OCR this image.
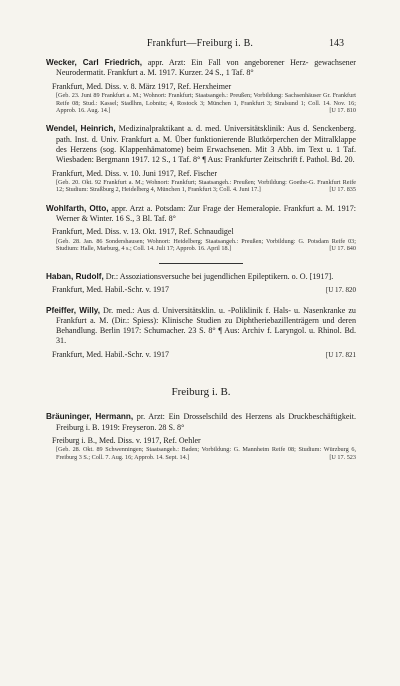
Frankfurt—Freiburg i. B.	143
Wecker, Carl Friedrich, appr. Arzt: Ein Fall von angeborener Herz- gewachsener Neurodermatit. Frankfurt a. M. 1917. Kurzer. 24 S., 1 Taf. 8°
Frankfurt, Med. Diss. v. 8. März 1917, Ref. Herxheimer
[Geb. 23. Juni 89 Frankfurt a. M.; Wohnort: Frankfurt; Staatsangeh.: Preußen; Vorbildung: Sachsenhäuser Gr. Frankfurt Reife 08; Stud.: Kassel; Stadlhm, Lobnitz; 4, Rostock 3; München 1, Frankfurt 3; Stralsund 1; Coll. 14. Nov. 16; Approb. 16. Aug. 14.]	[U 17. 810
Wendel, Heinrich, Medizinalpraktikant a. d. med. Universitätsklinik: Aus d. Senckenberg. path. Inst. d. Univ. Frankfurt a. M. Über funktionierende Blutkörperchen der Mitralklappe des Herzens (sog. Klappenhämatome) beim Erwachsenen. Mit 3 Abb. im Text u. 1 Taf. Wiesbaden: Bergmann 1917. 12 S., 1 Taf. 8° ¶ Aus: Frankfurter Zeitschrift f. Pathol. Bd. 20.
Frankfurt, Med. Diss. v. 10. Juni 1917, Ref. Fischer
[Geb. 20. Okt. 92 Frankfurt a. M.; Wohnort: Frankfurt; Staatsangeh.: Preußen; Vorbildung: Goethe-G. Frankfurt Reife 12; Studium: Straßburg 2, Heidelberg 4, München 1, Frankfurt 3; Coll. 4. Juni 17.]	[U 17. 835
Wohlfarth, Otto, appr. Arzt a. Potsdam: Zur Frage der Hemeralopie. Frankfurt a. M. 1917: Werner & Winter. 16 S., 3 Bl. Taf. 8°
Frankfurt, Med. Diss. v. 13. Okt. 1917, Ref. Schnaudigel
[Geb. 28. Jan. 86 Sondershausen; Wohnort: Heidelberg; Staatsangeh.: Preußen; Vorbildung: G. Potsdam Reife 03; Studium: Halle, Marburg, 4 s.; Coll. 14. Juli 17; Approb. 16. April 18.]	[U 17. 840
Haban, Rudolf, Dr.: Assoziationsversuche bei jugendlichen Epileptikern. o. O. [1917].
Frankfurt, Med. Habil.-Schr. v. 1917	[U 17. 820
Pfeiffer, Willy, Dr. med.: Aus d. Universitätsklin. u. -Poliklinik f. Hals- u. Nasenkranke zu Frankfurt a. M. (Dir.: Spiess): Klinische Studien zu Diphtheriebazillenträgern und deren Behandlung. Berlin 1917: Schumacher. 23 S. 8° ¶ Aus: Archiv f. Laryngol. u. Rhinol. Bd. 31.
Frankfurt, Med. Habil.-Schr. v. 1917	[U 17. 821
Freiburg i. B.
Bräuninger, Hermann, pr. Arzt: Ein Drosselschild des Herzens als Druckbeschäftigkeit. Freiburg i. B. 1919: Freyseron. 28 S. 8°
Freiburg i. B., Med. Diss. v. 1917, Ref. Oehler
[Geb. 28. Okt. 89 Schwenningen; Staatsangeh.: Baden; Vorbildung: G. Mannheim Reife 08; Studium: Würzburg 6, Freiburg 3 S.; Coll. 7. Aug. 16; Approb. 14. Sept. 14.]	[U 17. 523
